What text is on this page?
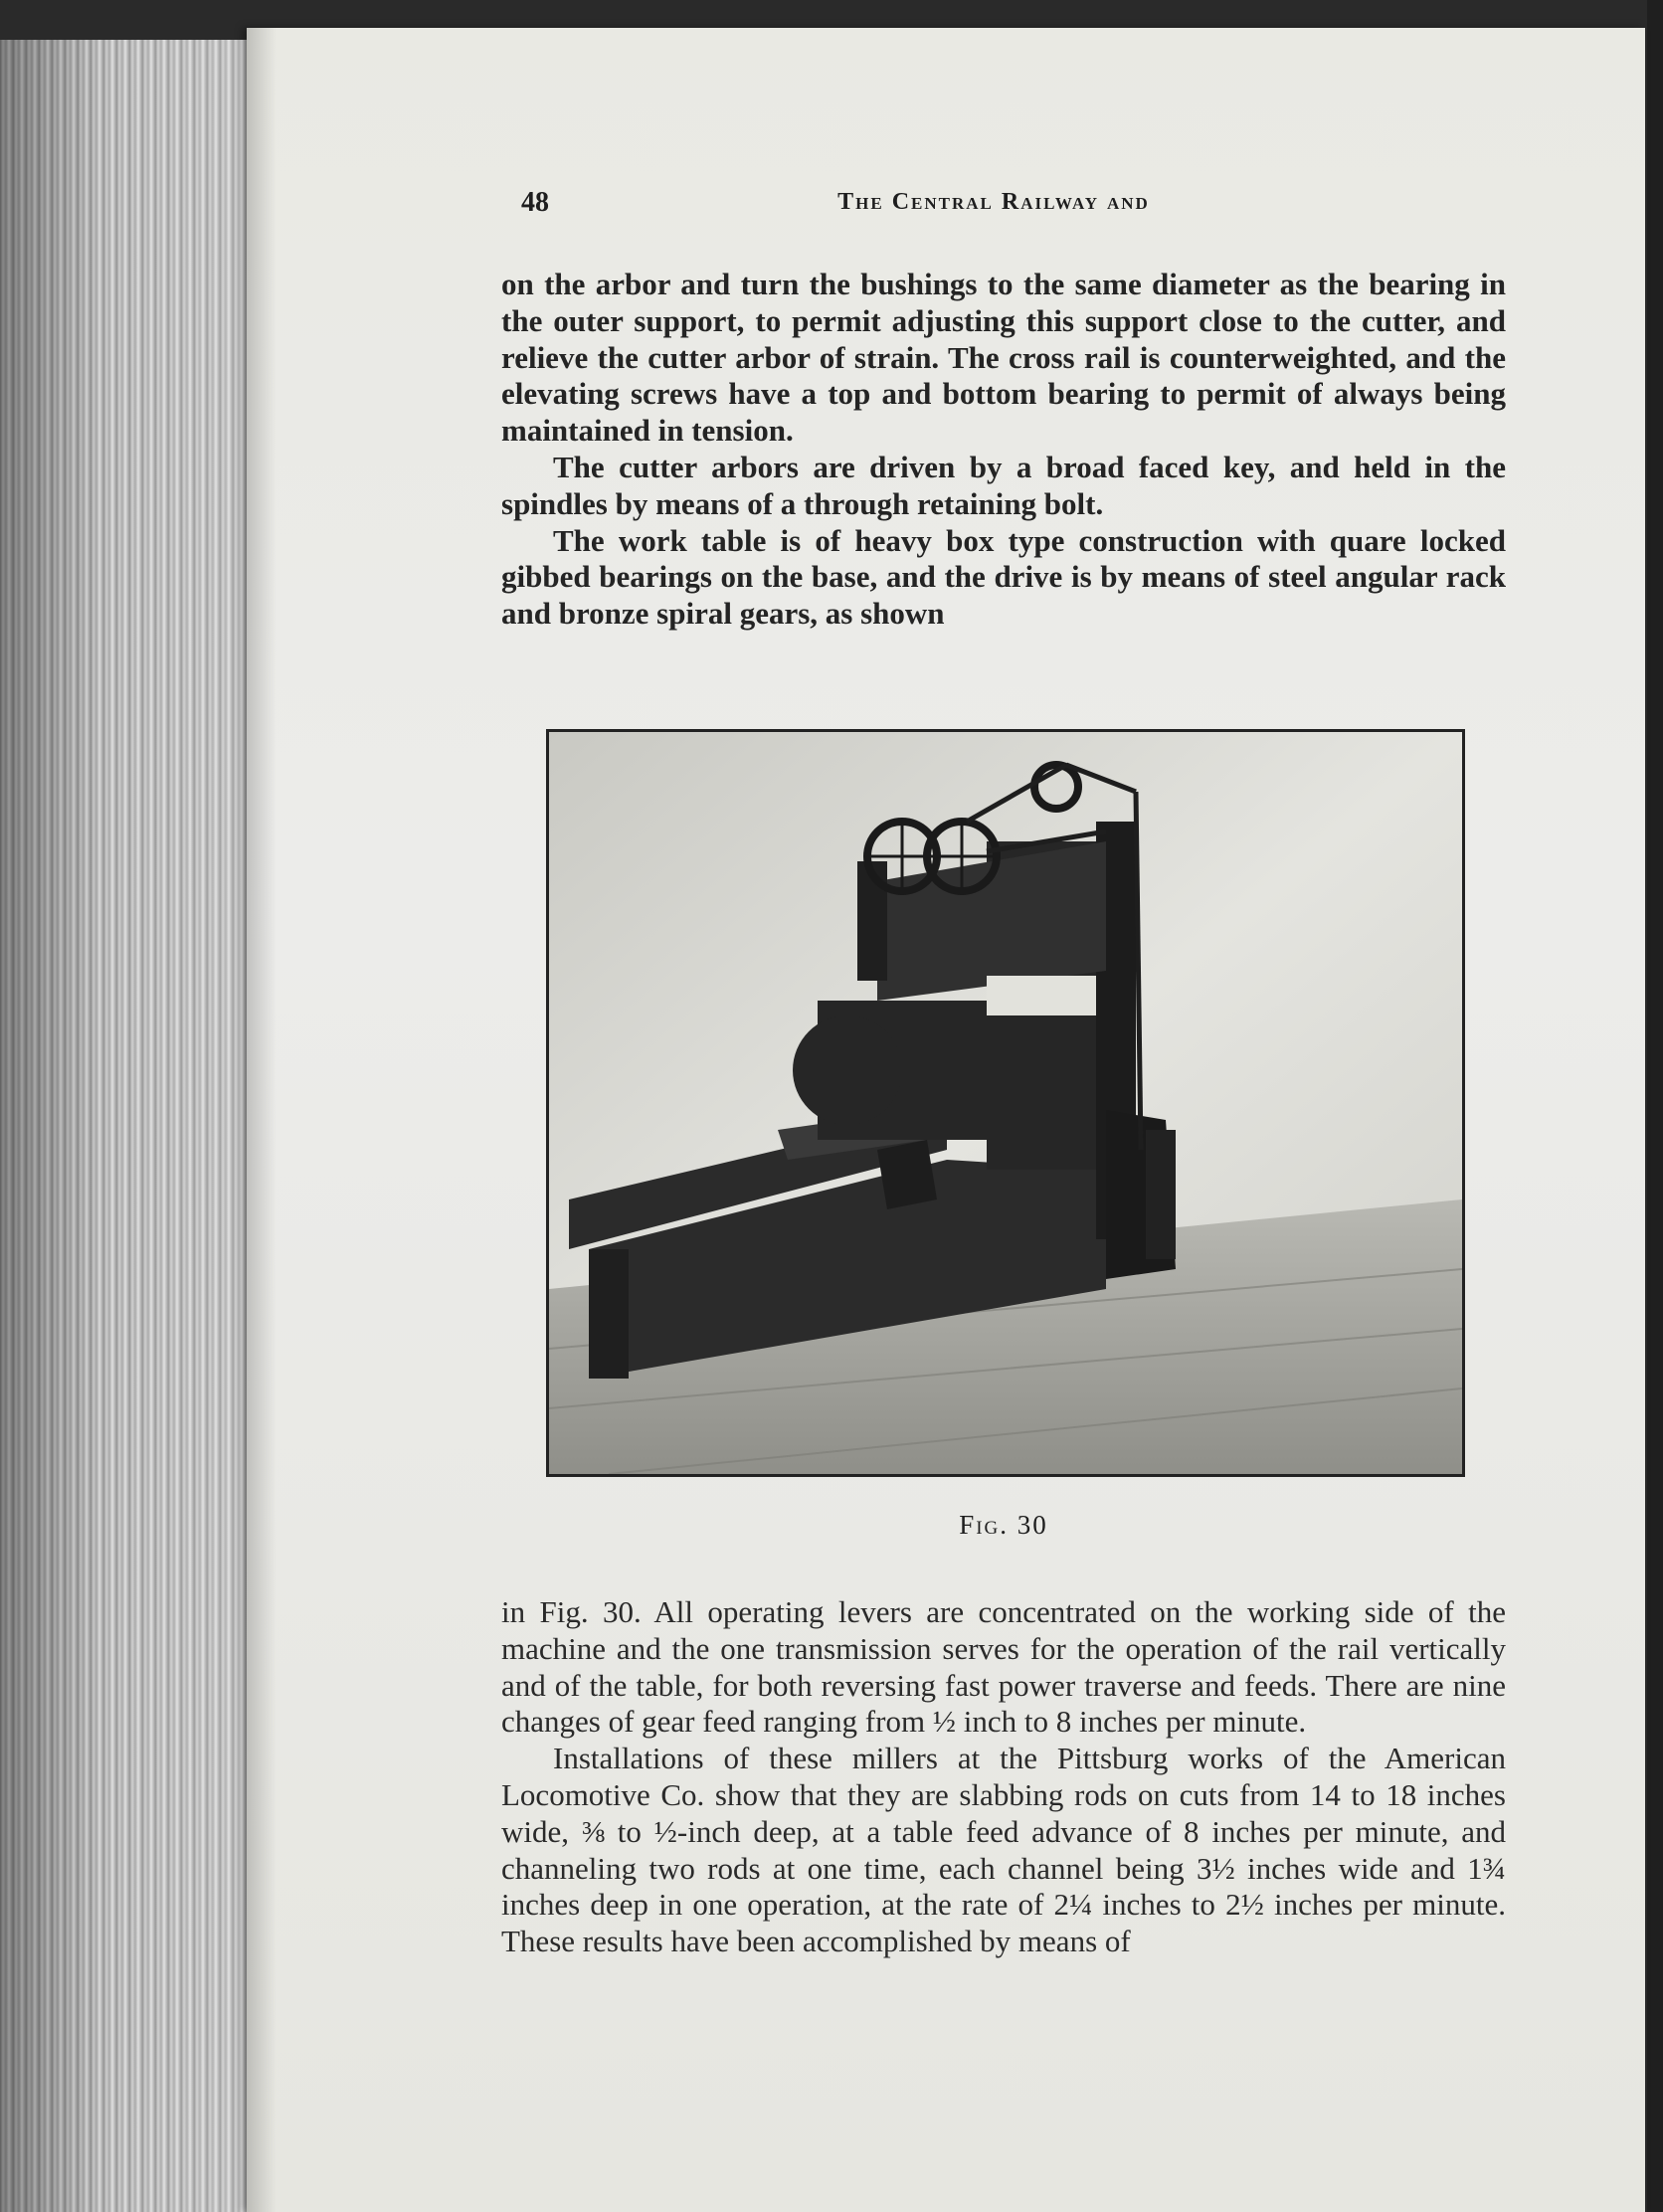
48	The Central Railway and

on the arbor and turn the bushings to the same diameter as the bearing in the outer support, to permit adjusting this support close to the cutter, and relieve the cutter arbor of strain. The cross rail is counterweighted, and the elevating screws have a top and bottom bearing to permit of always being maintained in tension.

The cutter arbors are driven by a broad faced key, and held in the spindles by means of a through retaining bolt.

The work table is of heavy box type construction with quare locked gibbed bearings on the base, and the drive is by means of steel angular rack and bronze spiral gears, as shown

Fig. 30

in Fig. 30. All operating levers are concentrated on the working side of the machine and the one transmission serves for the operation of the rail vertically and of the table, for both reversing fast power traverse and feeds. There are nine changes of gear feed ranging from ½ inch to 8 inches per minute.

Installations of these millers at the Pittsburg works of the American Locomotive Co. show that they are slabbing rods on cuts from 14 to 18 inches wide, ⅜ to ½-inch deep, at a table feed advance of 8 inches per minute, and channeling two rods at one time, each channel being 3½ inches wide and 1¾ inches deep in one operation, at the rate of 2¼ inches to 2½ inches per minute. These results have been accomplished by means of
